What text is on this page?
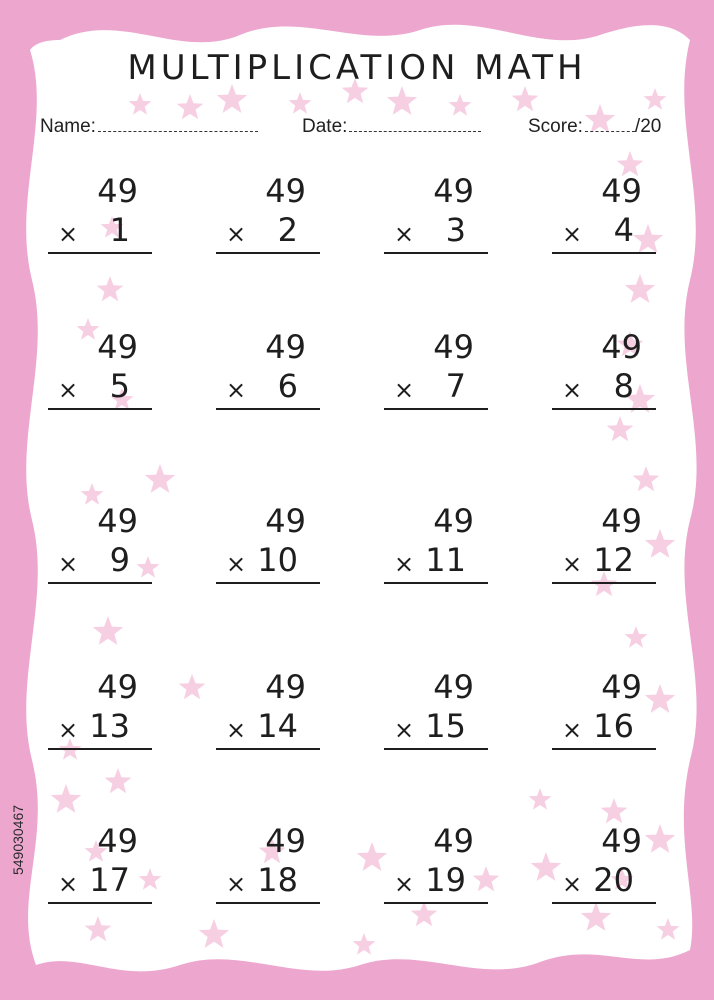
MULTIPLICATION MATH
Name:	Date:	Score:	/20
49
× 1
49
× 2
49
× 3
49
× 4
49
× 5
49
× 6
49
× 7
49
× 8
49
× 9
49
× 10
49
× 11
49
× 12
49
× 13
49
× 14
49
× 15
49
× 16
49
× 17
49
× 18
49
× 19
49
× 20
549030467
